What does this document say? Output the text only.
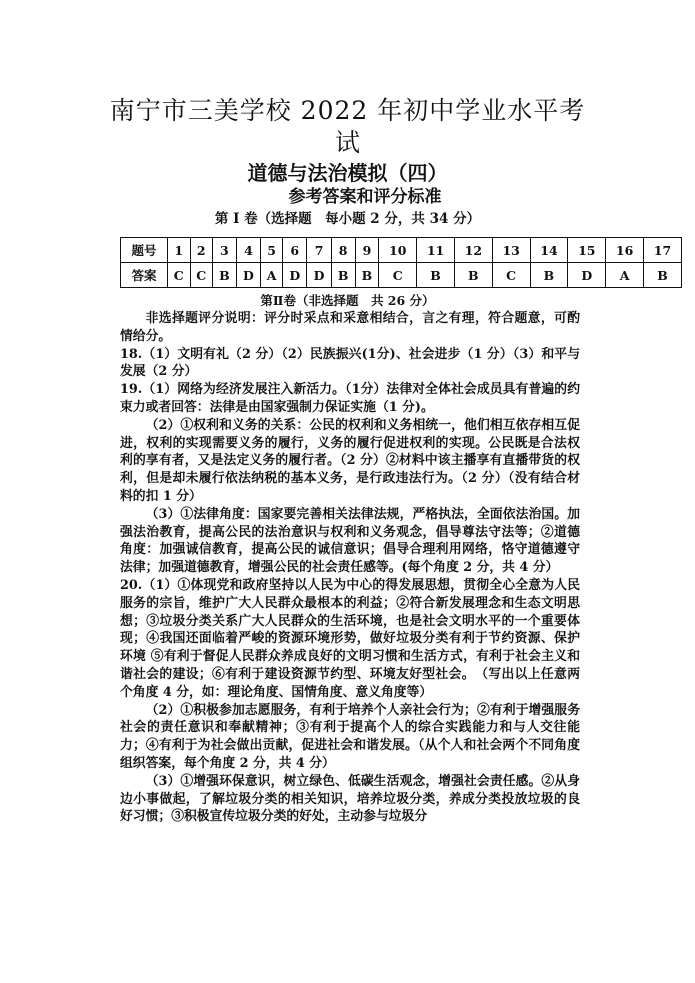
南宁市三美学校 2022 年初中学业水平考
试
道德与法治模拟（四）
参考答案和评分标准
第 I 卷（选择题　每小题 2 分，共 34 分）
题号	1	2	3	4	5	6	7	8	9	10	11	12	13	14	15	16	17
答案	C	C	B	D	A	D	D	B	B	C	B	B	C	B	D	A	B
第Ⅱ卷（非选择题　共 26 分）

非选择题评分说明：评分时采点和采意相结合，言之有理，符合题意，可酌情给分。

18.（1）文明有礼（2 分）（2）民族振兴(1分)、社会进步（1 分）（3）和平与发展（2 分）

19.（1）网络为经济发展注入新活力。（1分）法律对全体社会成员具有普遍的约束力或者回答：法律是由国家强制力保证实施（1 分)。

（2）①权利和义务的关系：公民的权利和义务相统一，他们相互依存相互促进，权利的实现需要义务的履行，义务的履行促进权利的实现。公民既是合法权利的享有者，又是法定义务的履行者。（2 分）②材料中该主播享有直播带货的权利，但是却未履行依法纳税的基本义务，是行政违法行为。（2 分）（没有结合材料的扣 1 分）

（3）①法律角度：国家要完善相关法律法规，严格执法，全面依法治国。加强法治教育，提高公民的法治意识与权利和义务观念，倡导尊法守法等；②道德角度：加强诚信教育，提高公民的诚信意识；倡导合理利用网络，恪守道德遵守法律；加强道德教育，增强公民的社会责任感等。(每个角度 2 分，共 4 分）

20.（1）①体现党和政府坚持以人民为中心的得发展思想，贯彻全心全意为人民服务的宗旨，维护广大人民群众最根本的利益；②符合新发展理念和生态文明思想；③垃圾分类关系广大人民群众的生活环境，也是社会文明水平的一个重要体现；④我国还面临着严峻的资源环境形势，做好垃圾分类有利于节约资源、保护环境 ⑤有利于督促人民群众养成良好的文明习惯和生活方式，有利于社会主义和谐社会的建设；⑥有利于建设资源节约型、环境友好型社会。　（写出以上任意两个角度 4 分，如：理论角度、国情角度、意义角度等）

（2）①积极参加志愿服务，有利于培养个人亲社会行为；②有利于增强服务社会的责任意识和奉献精神；③有利于提高个人的综合实践能力和与人交往能力；④有利于为社会做出贡献，促进社会和谐发展。（从个人和社会两个不同角度组织答案，每个角度 2 分，共 4 分）

（3）①增强环保意识，树立绿色、低碳生活观念，增强社会责任感。②从身边小事做起，了解垃圾分类的相关知识，培养垃圾分类，养成分类投放垃圾的良好习惯；③积极宣传垃圾分类的好处，主动参与垃圾分
